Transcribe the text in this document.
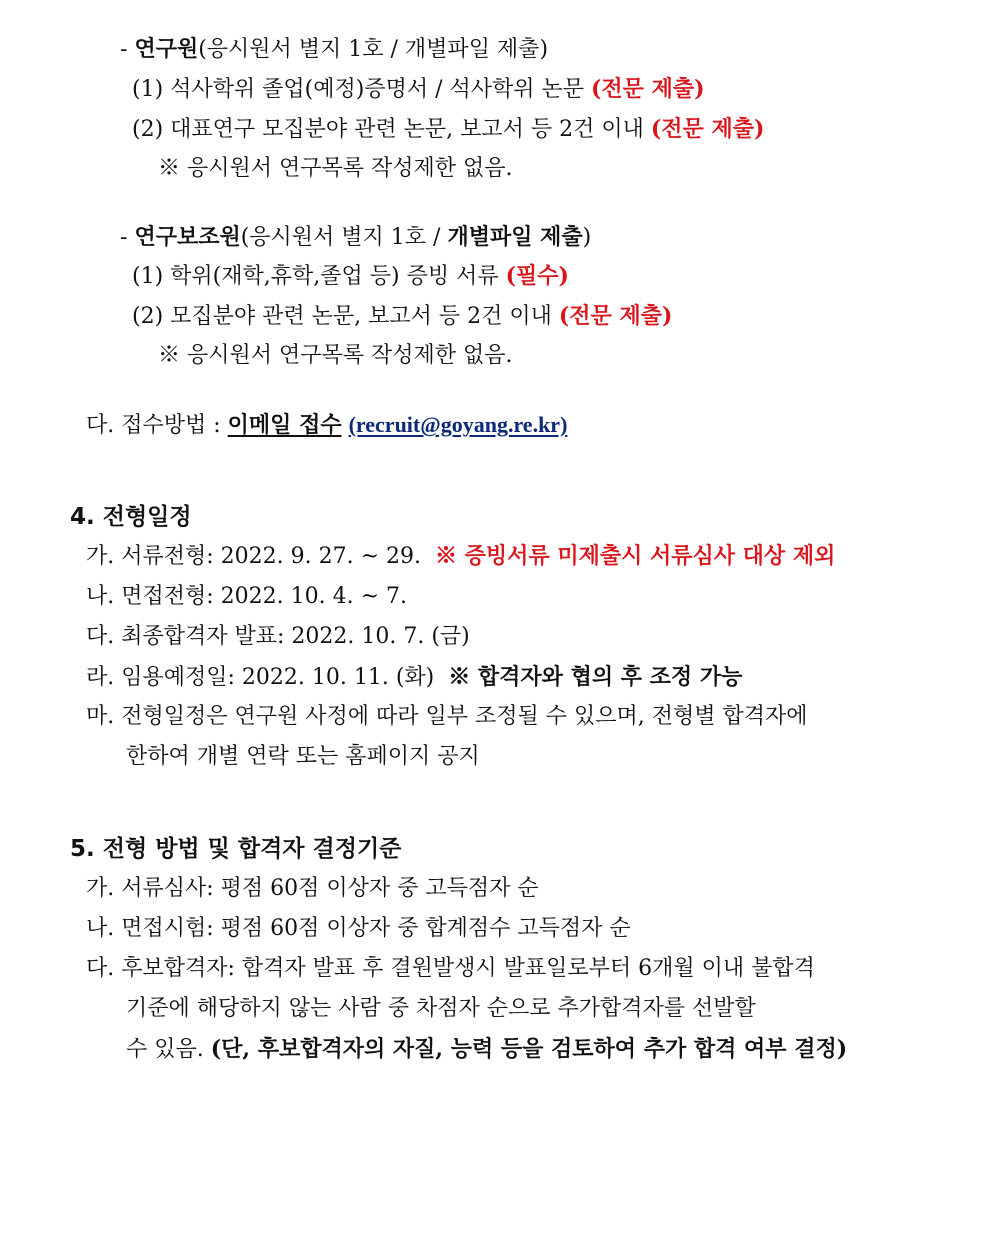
- 연구원(응시원서 별지 1호 / 개별파일 제출)
(1) 석사학위 졸업(예정)증명서 / 석사학위 논문 (전문 제출)
(2) 대표연구 모집분야 관련 논문, 보고서 등 2건 이내 (전문 제출)
※ 응시원서 연구목록 작성제한 없음.
- 연구보조원(응시원서 별지 1호 / 개별파일 제출)
(1) 학위(재학,휴학,졸업 등) 증빙 서류 (필수)
(2) 모집분야 관련 논문, 보고서 등 2건 이내 (전문 제출)
※ 응시원서 연구목록 작성제한 없음.
다. 접수방법 : 이메일 접수 (recruit@goyang.re.kr)
4. 전형일정
가. 서류전형: 2022. 9. 27. ~ 29. ※ 증빙서류 미제출시 서류심사 대상 제외
나. 면접전형: 2022. 10. 4. ~ 7.
다. 최종합격자 발표: 2022. 10. 7. (금)
라. 임용예정일: 2022. 10. 11. (화) ※ 합격자와 협의 후 조정 가능
마. 전형일정은 연구원 사정에 따라 일부 조정될 수 있으며, 전형별 합격자에
한하여 개별 연락 또는 홈페이지 공지
5. 전형 방법 및 합격자 결정기준
가. 서류심사: 평점 60점 이상자 중 고득점자 순
나. 면접시험: 평점 60점 이상자 중 합계점수 고득점자 순
다. 후보합격자: 합격자 발표 후 결원발생시 발표일로부터 6개월 이내 불합격
기준에 해당하지 않는 사람 중 차점자 순으로 추가합격자를 선발할
수 있음. (단, 후보합격자의 자질, 능력 등을 검토하여 추가 합격 여부 결정)
